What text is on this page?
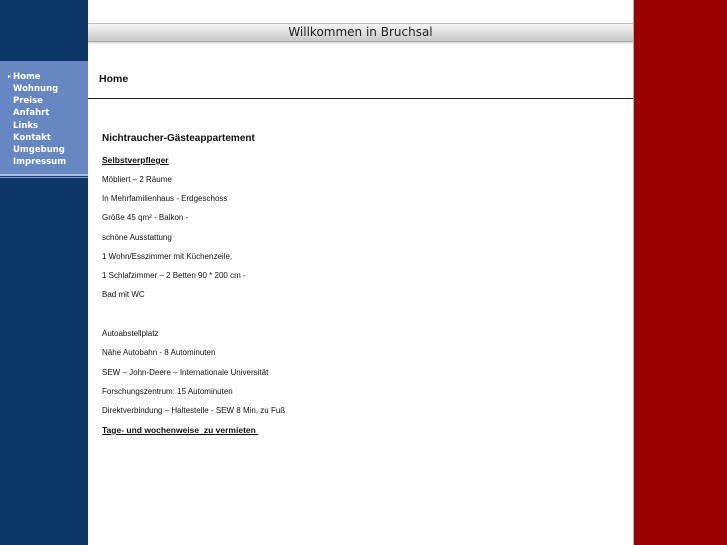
▸ Home
Wohnung
Preise
Anfahrt
Links
Kontakt
Umgebung
Impressum
Willkommen in Bruchsal
Home
Nichtraucher-Gästeappartement
Selbstverpfleger
Möbliert – 2 Räume
In Mehrfamilienhaus - Erdgeschoss
Größe 45 qm² - Balkon -
schöne Ausstattung
1 Wohn/Esszimmer mit Küchenzeile,
1 Schlafzimmer – 2 Betten 90 * 200 cm -
Bad mit WC
Autoabstellplatz
Nähe Autobahn - 8 Autominuten
SEW – John-Deere – Internationale Universität
Forschungszentrum: 15 Autominuten
Direktverbindung – Haltestelle - SEW 8 Min. zu Fuß
Tage- und wochenweise  zu vermieten
